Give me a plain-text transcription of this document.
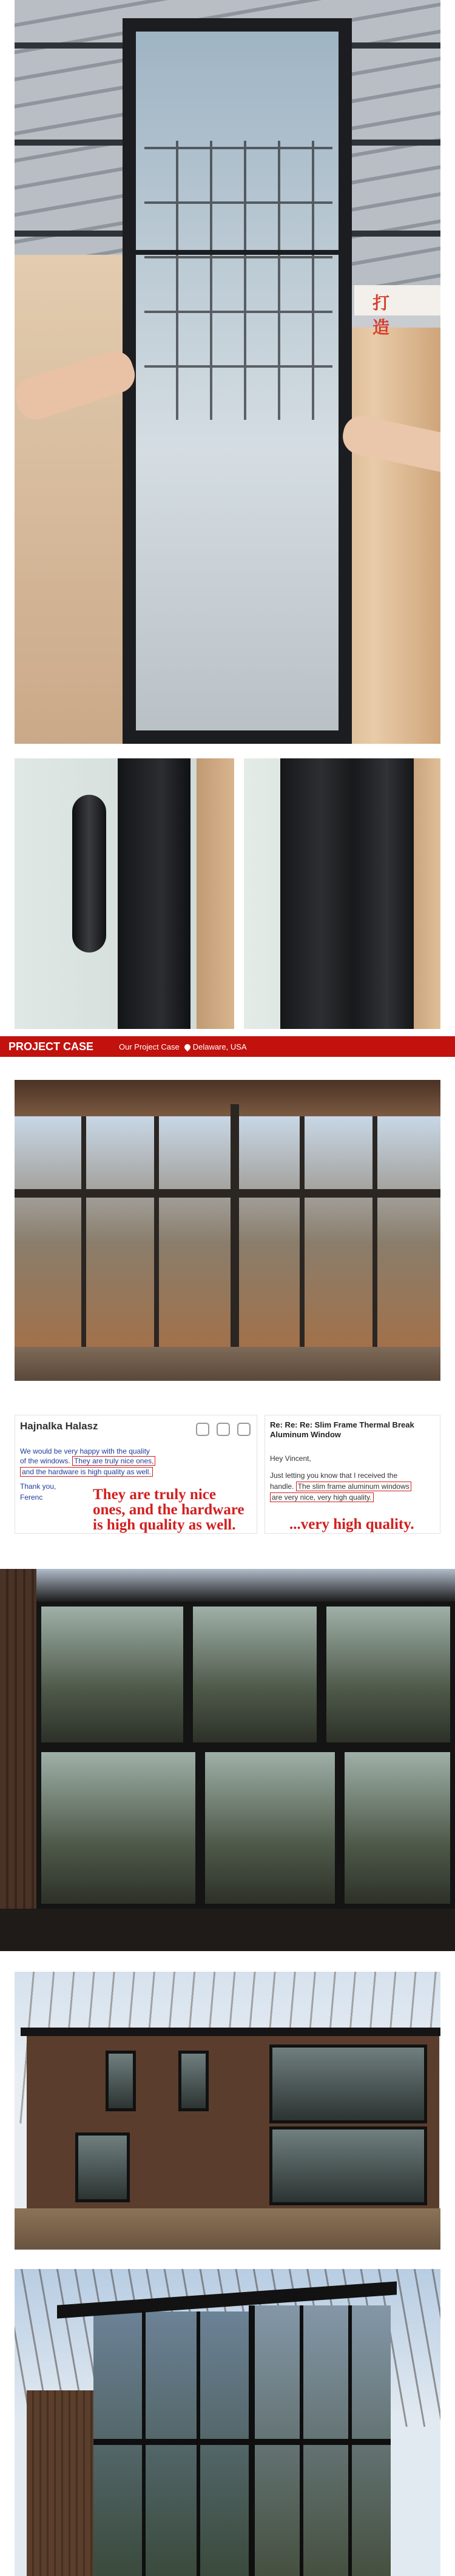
打 造
PROJECT CASE	Our Project Case Delaware, USA
Hajnalka Halasz
We would be very happy with the quality
of the windows. They are truly nice ones,
and the hardware is high quality as well.
Thank you,
Ferenc	They are truly nice ones, and the hardware is high quality as well.
Re: Re: Re: Slim Frame Thermal Break Aluminum Window
Hey Vincent,
Just letting you know that I received the
handle. The slim frame aluminum windows
are very nice, very high quality.
...very high quality.
